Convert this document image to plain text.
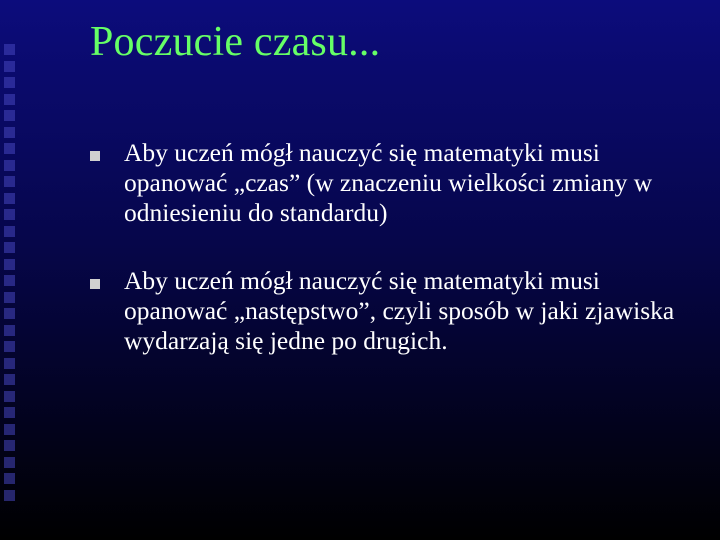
Poczucie czasu...
Aby uczeń mógł nauczyć się matematyki musi opanować „czas” (w znaczeniu wielkości zmiany w odniesieniu do standardu)
Aby uczeń mógł nauczyć się matematyki musi opanować „następstwo”, czyli sposób w jaki zjawiska wydarzają się jedne po drugich.
